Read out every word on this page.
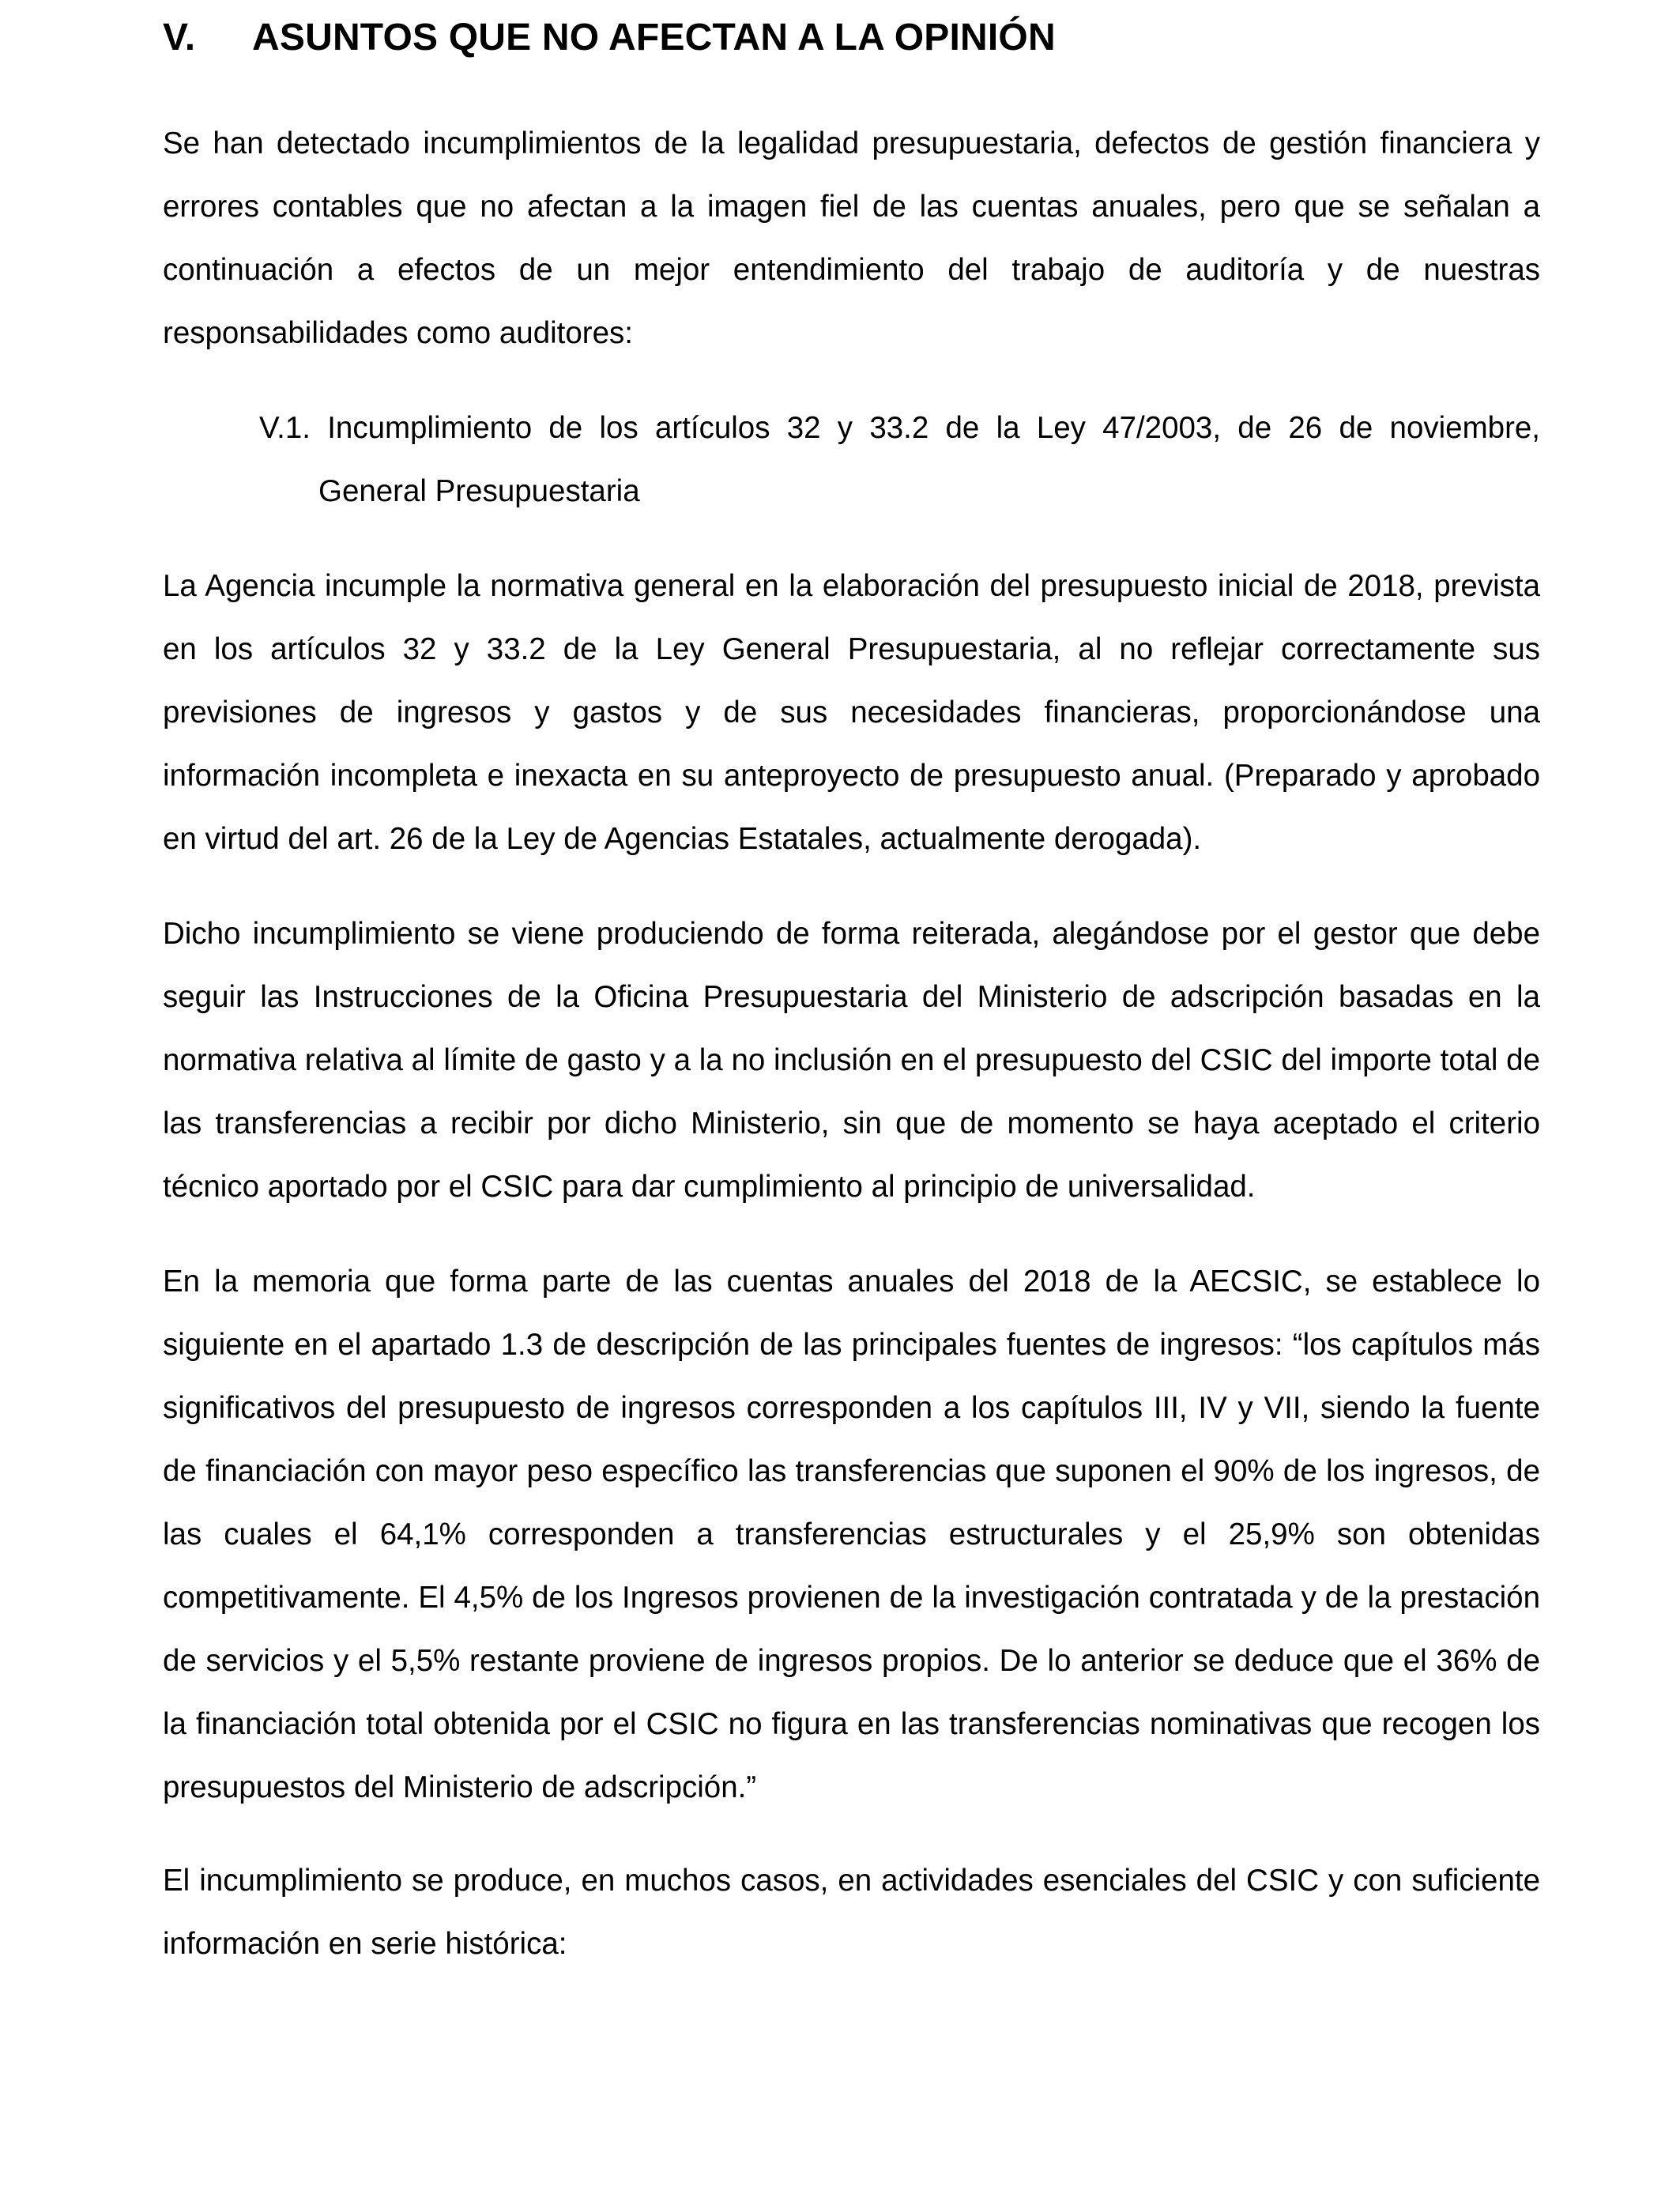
V. ASUNTOS QUE NO AFECTAN A LA OPINIÓN

Se han detectado incumplimientos de la legalidad presupuestaria, defectos de gestión financiera y errores contables que no afectan a la imagen fiel de las cuentas anuales, pero que se señalan a continuación a efectos de un mejor entendimiento del trabajo de auditoría y de nuestras responsabilidades como auditores:

V.1. Incumplimiento de los artículos 32 y 33.2 de la Ley 47/2003, de 26 de noviembre,
General Presupuestaria

La Agencia incumple la normativa general en la elaboración del presupuesto inicial de 2018, prevista en los artículos 32 y 33.2 de la Ley General Presupuestaria, al no reflejar correctamente sus previsiones de ingresos y gastos y de sus necesidades financieras, proporcionándose una información incompleta e inexacta en su anteproyecto de presupuesto anual. (Preparado y aprobado en virtud del art. 26 de la Ley de Agencias Estatales, actualmente derogada).

Dicho incumplimiento se viene produciendo de forma reiterada, alegándose por el gestor que debe seguir las Instrucciones de la Oficina Presupuestaria del Ministerio de adscripción basadas en la normativa relativa al límite de gasto y a la no inclusión en el presupuesto del CSIC del importe total de las transferencias a recibir por dicho Ministerio, sin que de momento se haya aceptado el criterio técnico aportado por el CSIC para dar cumplimiento al principio de universalidad.

En la memoria que forma parte de las cuentas anuales del 2018 de la AECSIC, se establece lo siguiente en el apartado 1.3 de descripción de las principales fuentes de ingresos: “los capítulos más significativos del presupuesto de ingresos corresponden a los capítulos III, IV y VII, siendo la fuente de financiación con mayor peso específico las transferencias que suponen el 90% de los ingresos, de las cuales el 64,1% corresponden a transferencias estructurales y el 25,9% son obtenidas competitivamente. El 4,5% de los Ingresos provienen de la investigación contratada y de la prestación de servicios y el 5,5% restante proviene de ingresos propios. De lo anterior se deduce que el 36% de la financiación total obtenida por el CSIC no figura en las transferencias nominativas que recogen los presupuestos del Ministerio de adscripción.”

El incumplimiento se produce, en muchos casos, en actividades esenciales del CSIC y con suficiente información en serie histórica:
